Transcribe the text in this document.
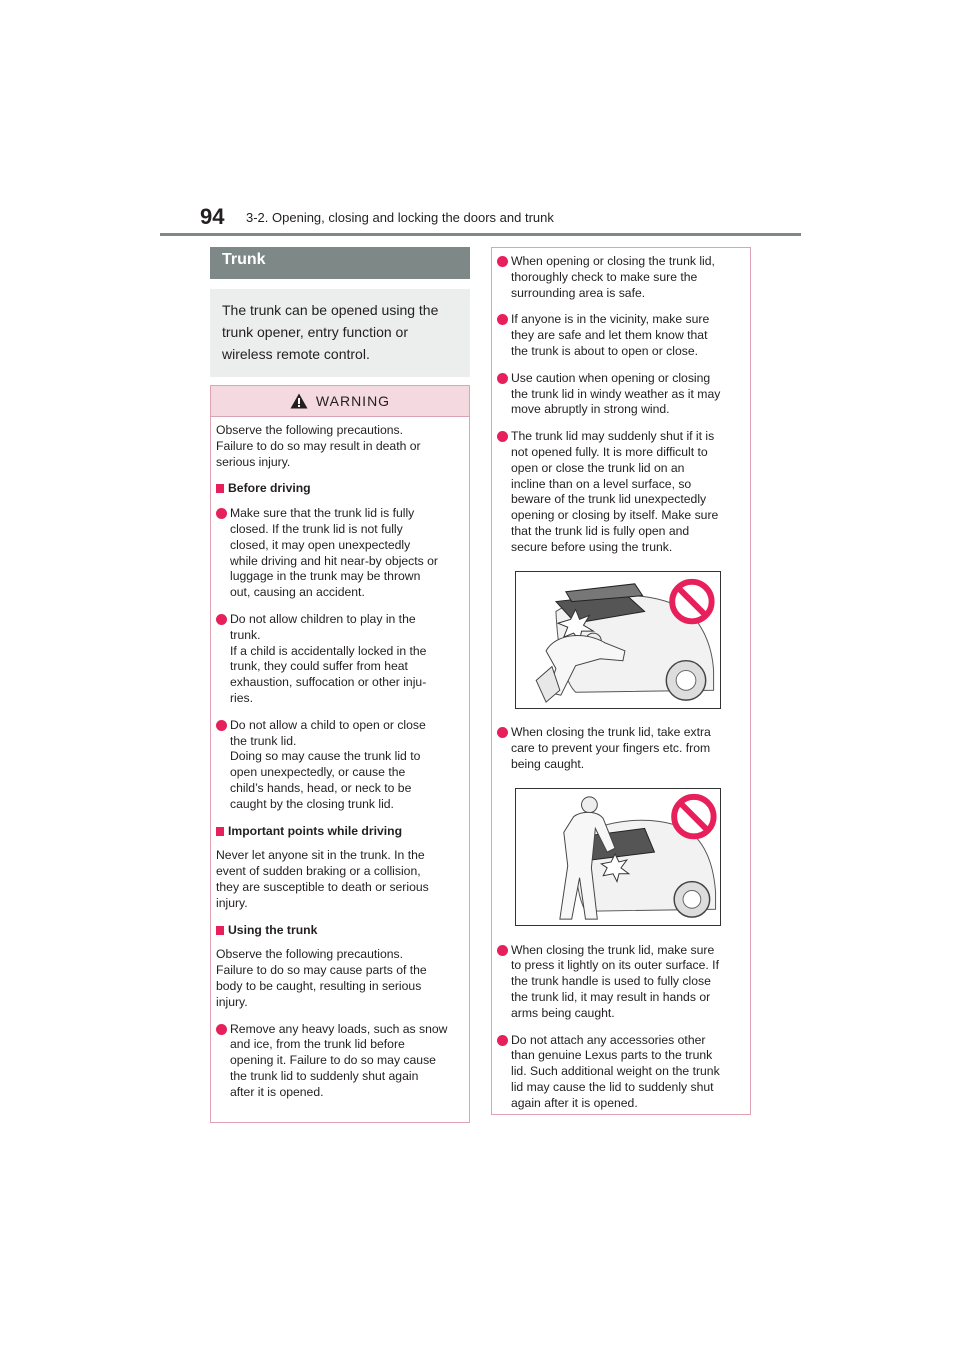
94 3-2. Opening, closing and locking the doors and trunk
Trunk
The trunk can be opened using the
trunk opener, entry function or
wireless remote control.
WARNING
Observe the following precautions.
Failure to do so may result in death or
serious injury.
Before driving
Make sure that the trunk lid is fully
closed. If the trunk lid is not fully
closed, it may open unexpectedly
while driving and hit near-by objects or
luggage in the trunk may be thrown
out, causing an accident.
Do not allow children to play in the
trunk.
If a child is accidentally locked in the
trunk, they could suffer from heat
exhaustion, suffocation or other inju-
ries.
Do not allow a child to open or close
the trunk lid.
Doing so may cause the trunk lid to
open unexpectedly, or cause the
child’s hands, head, or neck to be
caught by the closing trunk lid.
Important points while driving
Never let anyone sit in the trunk. In the
event of sudden braking or a collision,
they are susceptible to death or serious
injury.
Using the trunk
Observe the following precautions.
Failure to do so may cause parts of the
body to be caught, resulting in serious
injury.
Remove any heavy loads, such as snow
and ice, from the trunk lid before
opening it. Failure to do so may cause
the trunk lid to suddenly shut again
after it is opened.
When opening or closing the trunk lid,
thoroughly check to make sure the
surrounding area is safe.
If anyone is in the vicinity, make sure
they are safe and let them know that
the trunk is about to open or close.
Use caution when opening or closing
the trunk lid in windy weather as it may
move abruptly in strong wind.
The trunk lid may suddenly shut if it is
not opened fully. It is more difficult to
open or close the trunk lid on an
incline than on a level surface, so
beware of the trunk lid unexpectedly
opening or closing by itself. Make sure
that the trunk lid is fully open and
secure before using the trunk.
When closing the trunk lid, take extra
care to prevent your fingers etc. from
being caught.
When closing the trunk lid, make sure
to press it lightly on its outer surface. If
the trunk handle is used to fully close
the trunk lid, it may result in hands or
arms being caught.
Do not attach any accessories other
than genuine Lexus parts to the trunk
lid. Such additional weight on the trunk
lid may cause the lid to suddenly shut
again after it is opened.
